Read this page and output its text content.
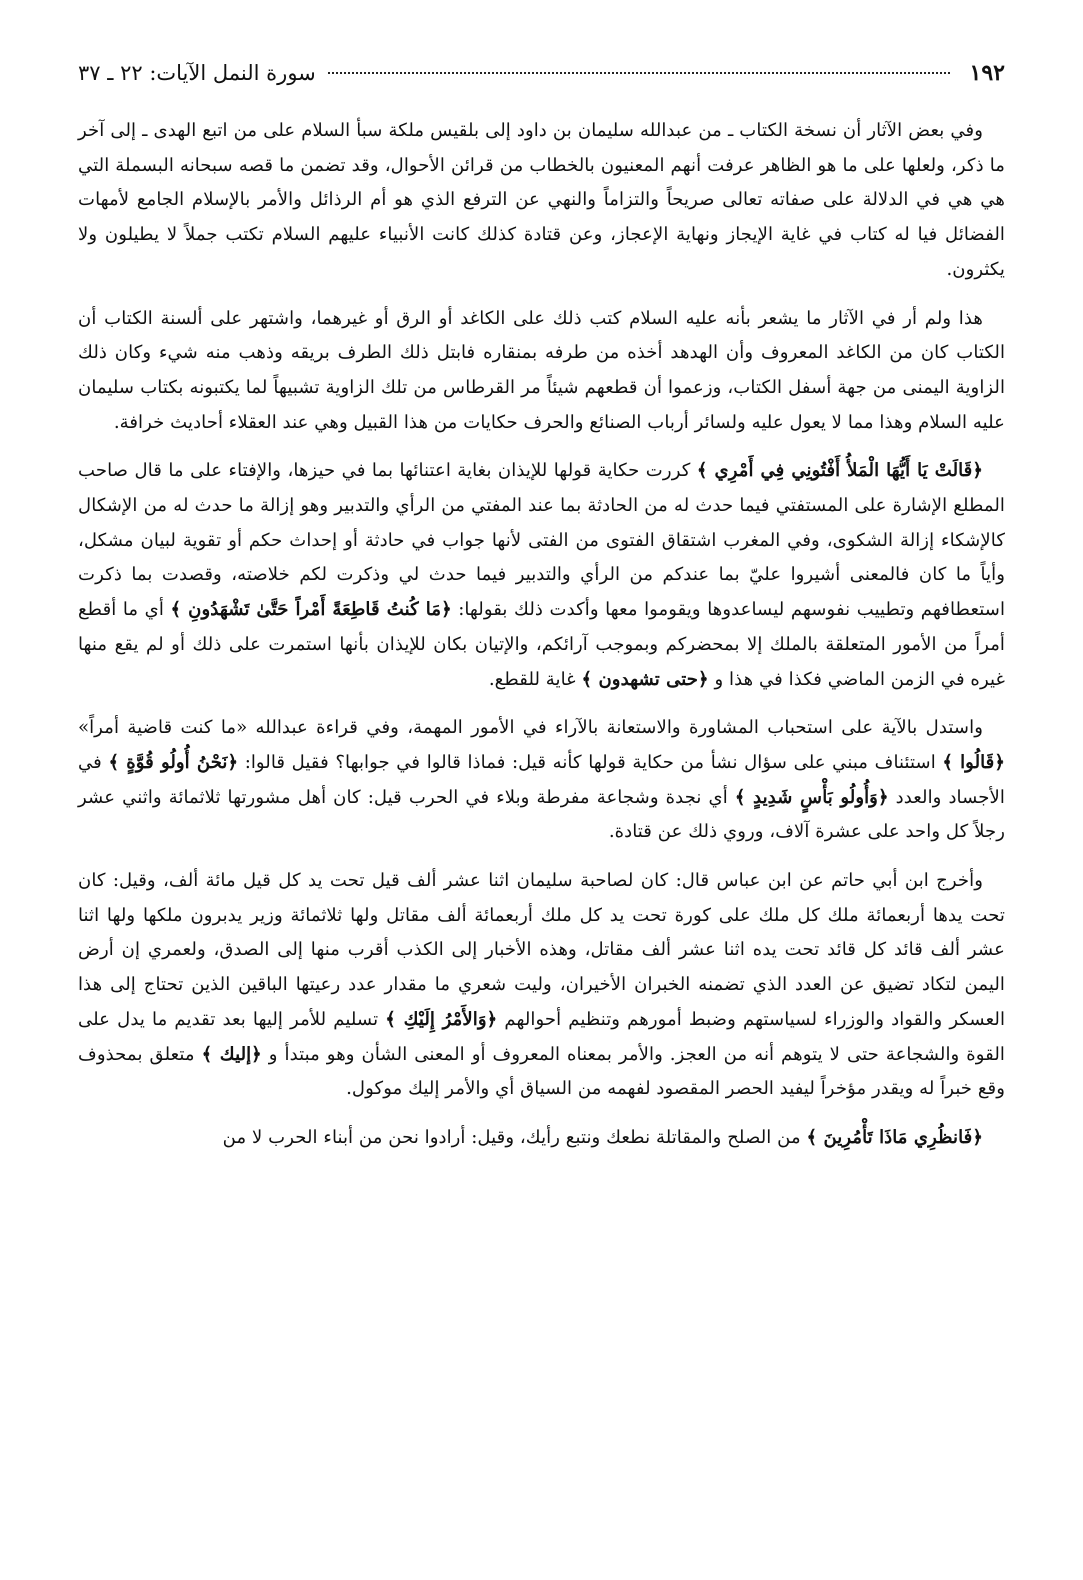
١٩٢
سورة النمل الآيات: ٢٢ ـ ٣٧

وفي بعض الآثار أن نسخة الكتاب ـ من عبدالله سليمان بن داود إلى بلقيس ملكة سبأ السلام على من اتبع الهدى ـ إلى آخر ما ذكر، ولعلها على ما هو الظاهر عرفت أنهم المعنيون بالخطاب من قرائن الأحوال، وقد تضمن ما قصه سبحانه البسملة التي هي هي في الدلالة على صفاته تعالى صريحاً والتزاماً والنهي عن الترفع الذي هو أم الرذائل والأمر بالإسلام الجامع لأمهات الفضائل فيا له كتاب في غاية الإيجاز ونهاية الإعجاز، وعن قتادة كذلك كانت الأنبياء عليهم السلام تكتب جملاً لا يطيلون ولا يكثرون.

هذا ولم أر في الآثار ما يشعر بأنه عليه السلام كتب ذلك على الكاغد أو الرق أو غيرهما، واشتهر على ألسنة الكتاب أن الكتاب كان من الكاغد المعروف وأن الهدهد أخذه من طرفه بمنقاره فابتل ذلك الطرف بريقه وذهب منه شيء وكان ذلك الزاوية اليمنى من جهة أسفل الكتاب، وزعموا أن قطعهم شيئاً مر القرطاس من تلك الزاوية تشبيهاً لما يكتبونه بكتاب سليمان عليه السلام وهذا مما لا يعول عليه ولسائر أرباب الصنائع والحرف حكايات من هذا القبيل وهي عند العقلاء أحاديث خرافة.

﴿قَالَتْ يَا أَيُّهَا الْمَلأُ أَفْتُونِي فِي أَمْرِي ﴾ كررت حكاية قولها للإيذان بغاية اعتنائها بما في حيزها، والإفتاء على ما قال صاحب المطلع الإشارة على المستفتي فيما حدث له من الحادثة بما عند المفتي من الرأي والتدبير وهو إزالة ما حدث له من الإشكال كالإشكاء إزالة الشكوى، وفي المغرب اشتقاق الفتوى من الفتى لأنها جواب في حادثة أو إحداث حكم أو تقوية لبيان مشكل، وأياً ما كان فالمعنى أشيروا عليّ بما عندكم من الرأي والتدبير فيما حدث لي وذكرت لكم خلاصته، وقصدت بما ذكرت استعطافهم وتطييب نفوسهم ليساعدوها ويقوموا معها وأكدت ذلك بقولها: ﴿مَا كُنتُ قَاطِعَةً أَمْراً حَتَّىٰ تَشْهَدُونِ ﴾ أي ما أقطع أمراً من الأمور المتعلقة بالملك إلا بمحضركم وبموجب آرائكم، والإتيان بكان للإيذان بأنها استمرت على ذلك أو لم يقع منها غيره في الزمن الماضي فكذا في هذا و ﴿حتى تشهدون ﴾ غاية للقطع.

واستدل بالآية على استحباب المشاورة والاستعانة بالآراء في الأمور المهمة، وفي قراءة عبدالله «ما كنت قاضية أمراً» ﴿قَالُوا ﴾ استئناف مبني على سؤال نشأ من حكاية قولها كأنه قيل: فماذا قالوا في جوابها؟ فقيل قالوا: ﴿نَحْنُ أُولُو قُوَّةٍ ﴾ في الأجساد والعدد ﴿وَأُولُو بَأْسٍ شَدِيدٍ ﴾ أي نجدة وشجاعة مفرطة وبلاء في الحرب قيل: كان أهل مشورتها ثلاثمائة واثني عشر رجلاً كل واحد على عشرة آلاف، وروي ذلك عن قتادة.

وأخرج ابن أبي حاتم عن ابن عباس قال: كان لصاحبة سليمان اثنا عشر ألف قيل تحت يد كل قيل مائة ألف، وقيل: كان تحت يدها أربعمائة ملك كل ملك على كورة تحت يد كل ملك أربعمائة ألف مقاتل ولها ثلاثمائة وزير يدبرون ملكها ولها اثنا عشر ألف قائد كل قائد تحت يده اثنا عشر ألف مقاتل، وهذه الأخبار إلى الكذب أقرب منها إلى الصدق، ولعمري إن أرض اليمن لتكاد تضيق عن العدد الذي تضمنه الخبران الأخيران، وليت شعري ما مقدار عدد رعيتها الباقين الذين تحتاج إلى هذا العسكر والقواد والوزراء لسياستهم وضبط أمورهم وتنظيم أحوالهم ﴿وَالأَمْرُ إِلَيْكِ ﴾ تسليم للأمر إليها بعد تقديم ما يدل على القوة والشجاعة حتى لا يتوهم أنه من العجز. والأمر بمعناه المعروف أو المعنى الشأن وهو مبتدأ و ﴿إليك ﴾ متعلق بمحذوف وقع خبراً له ويقدر مؤخراً ليفيد الحصر المقصود لفهمه من السياق أي والأمر إليك موكول.

﴿فَانظُرِي مَاذَا تَأْمُرِينَ ﴾ من الصلح والمقاتلة نطعك ونتبع رأيك، وقيل: أرادوا نحن من أبناء الحرب لا من
